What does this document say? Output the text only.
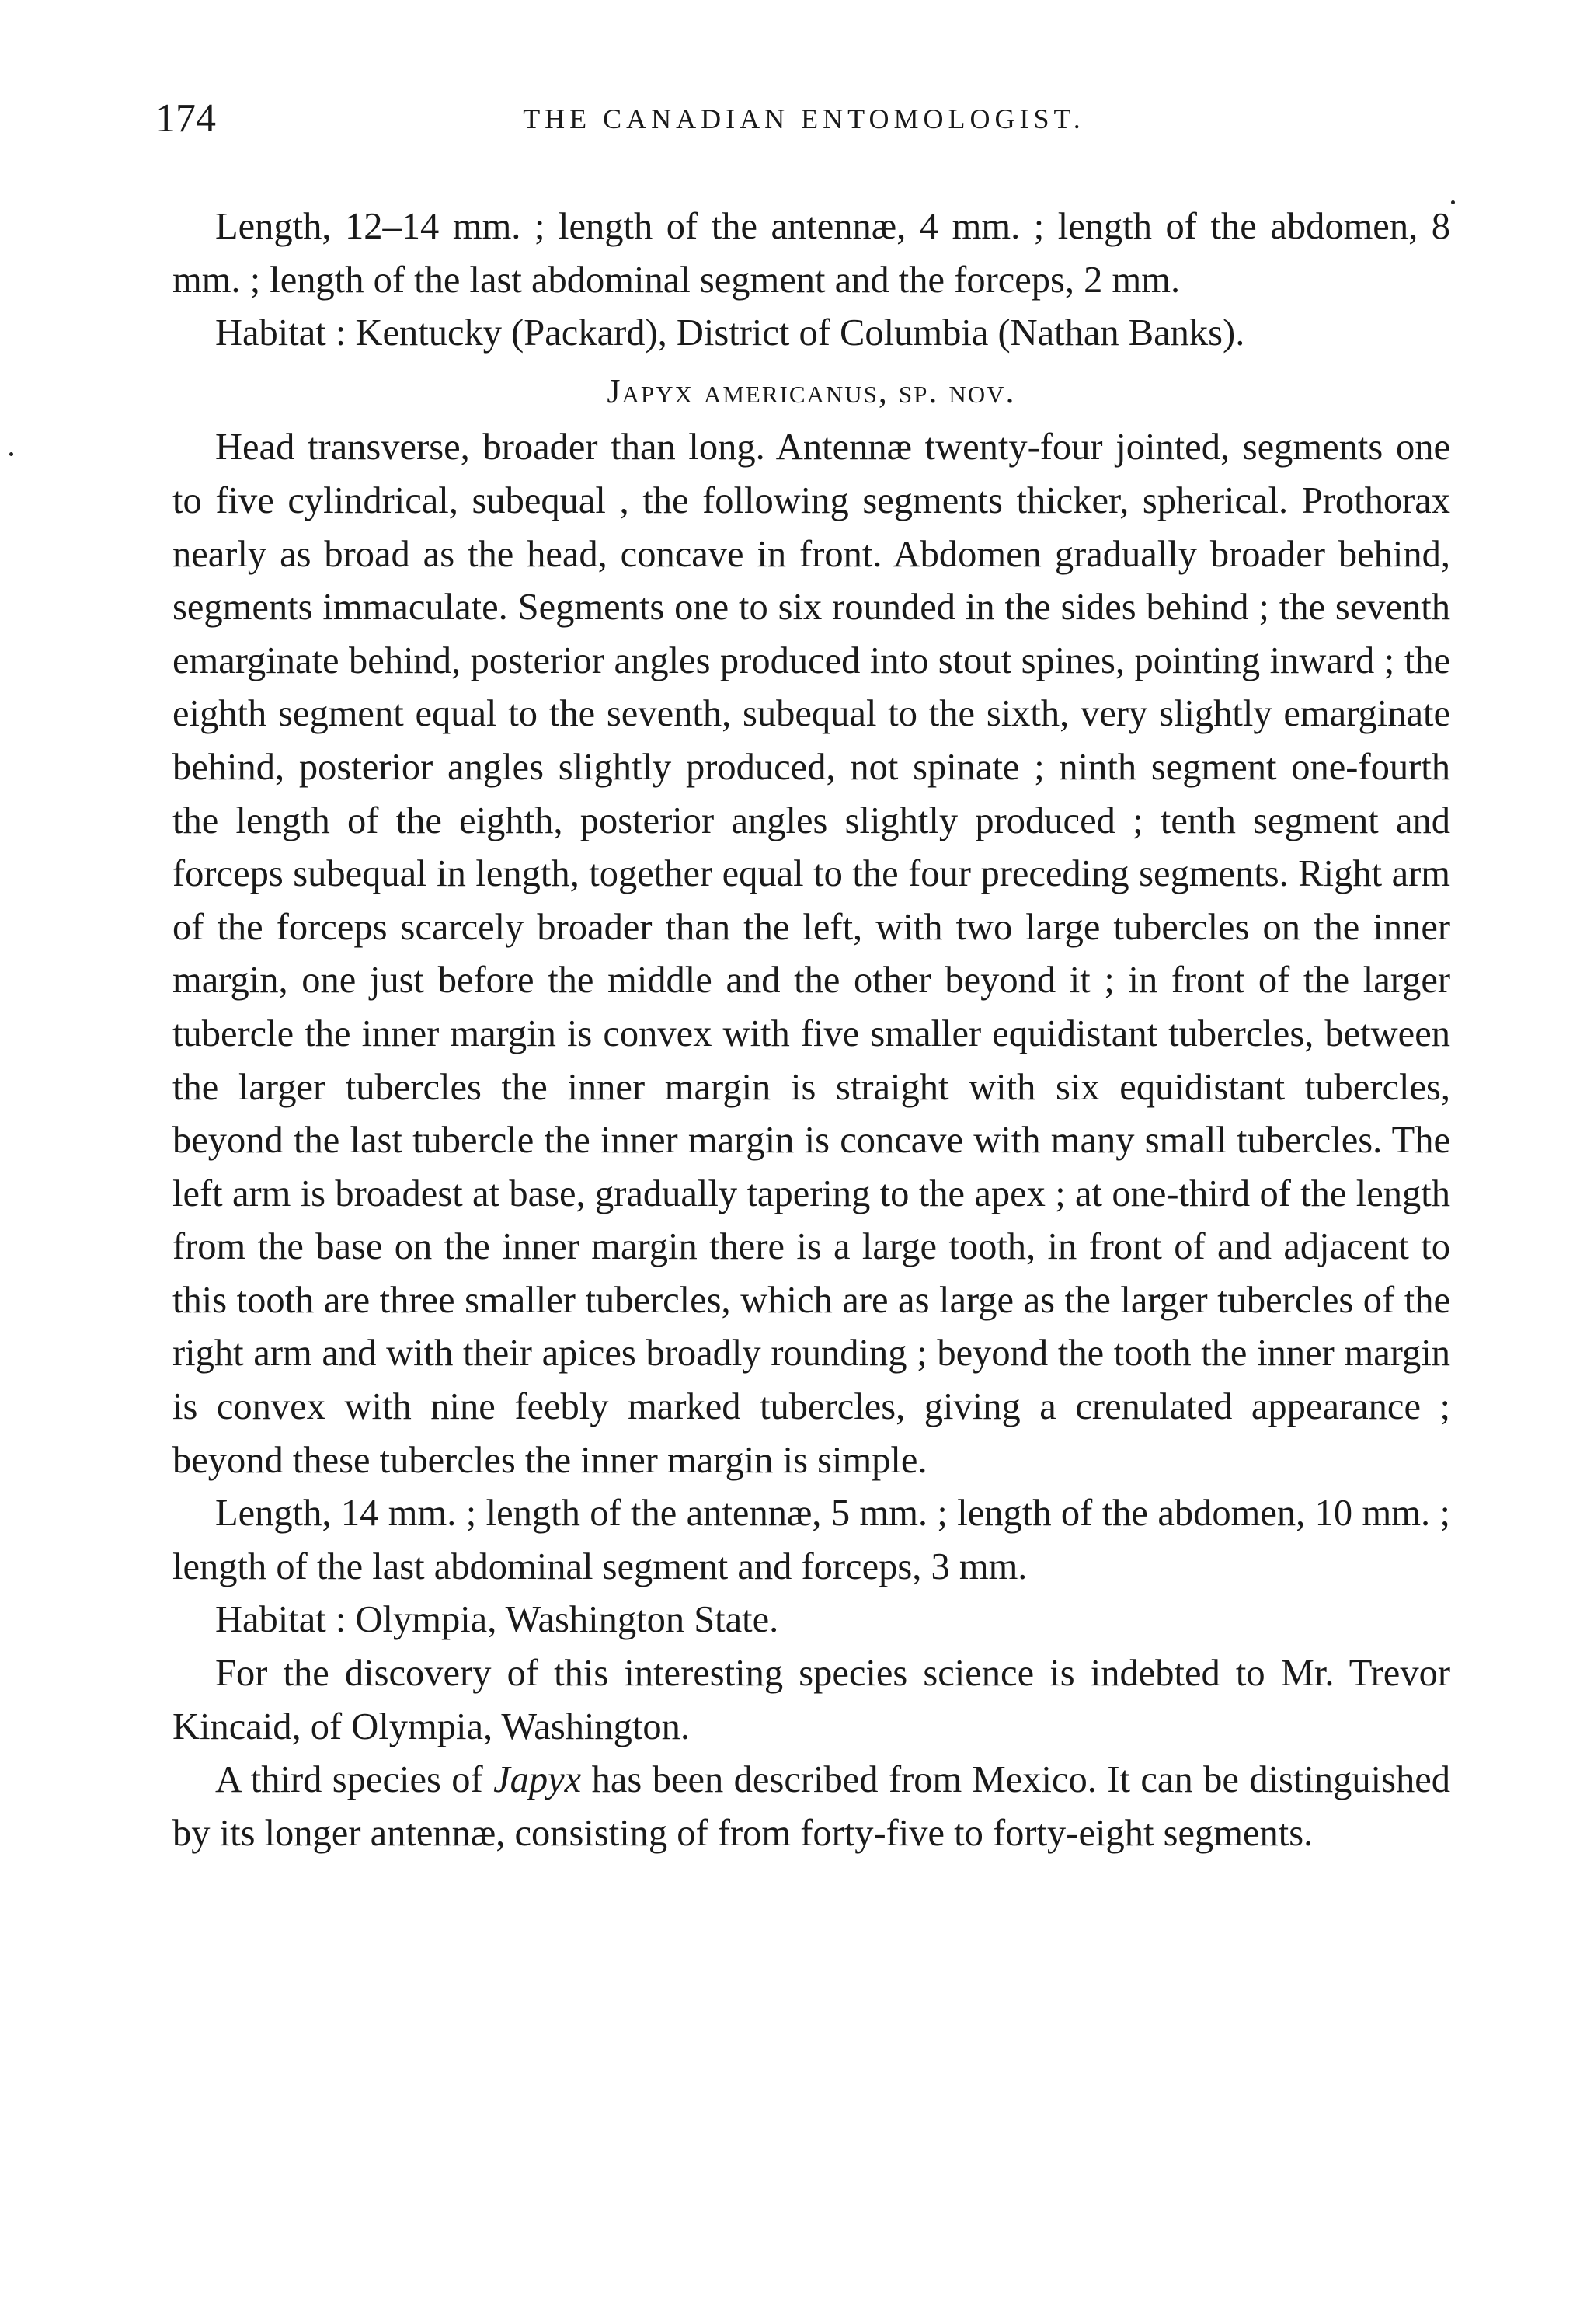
174	THE CANADIAN ENTOMOLOGIST.

Length, 12–14 mm. ; length of the antennæ, 4 mm. ; length of the abdomen, 8 mm. ; length of the last abdominal segment and the forceps, 2 mm.

Habitat : Kentucky (Packard), District of Columbia (Nathan Banks).

Japyx americanus, sp. nov.

Head transverse, broader than long. Antennæ twenty-four jointed, segments one to five cylindrical, subequal , the following segments thicker, spherical. Prothorax nearly as broad as the head, concave in front. Abdomen gradually broader behind, segments immaculate. Segments one to six rounded in the sides behind ; the seventh emarginate behind, posterior angles produced into stout spines, pointing inward ; the eighth segment equal to the seventh, subequal to the sixth, very slightly emarginate behind, posterior angles slightly produced, not spinate ; ninth segment one-fourth the length of the eighth, posterior angles slightly produced ; tenth segment and forceps subequal in length, together equal to the four preceding segments. Right arm of the forceps scarcely broader than the left, with two large tubercles on the inner margin, one just before the middle and the other beyond it ; in front of the larger tubercle the inner margin is convex with five smaller equidistant tubercles, between the larger tubercles the inner margin is straight with six equidistant tubercles, beyond the last tubercle the inner margin is concave with many small tubercles. The left arm is broadest at base, gradually tapering to the apex ; at one-third of the length from the base on the inner margin there is a large tooth, in front of and adjacent to this tooth are three smaller tubercles, which are as large as the larger tubercles of the right arm and with their apices broadly rounding ; beyond the tooth the inner margin is convex with nine feebly marked tubercles, giving a crenulated appearance ; beyond these tubercles the inner margin is simple.

Length, 14 mm. ; length of the antennæ, 5 mm. ; length of the abdomen, 10 mm. ; length of the last abdominal segment and forceps, 3 mm.

Habitat : Olympia, Washington State.

For the discovery of this interesting species science is indebted to Mr. Trevor Kincaid, of Olympia, Washington.

A third species of Japyx has been described from Mexico. It can be distinguished by its longer antennæ, consisting of from forty-five to forty-eight segments.
